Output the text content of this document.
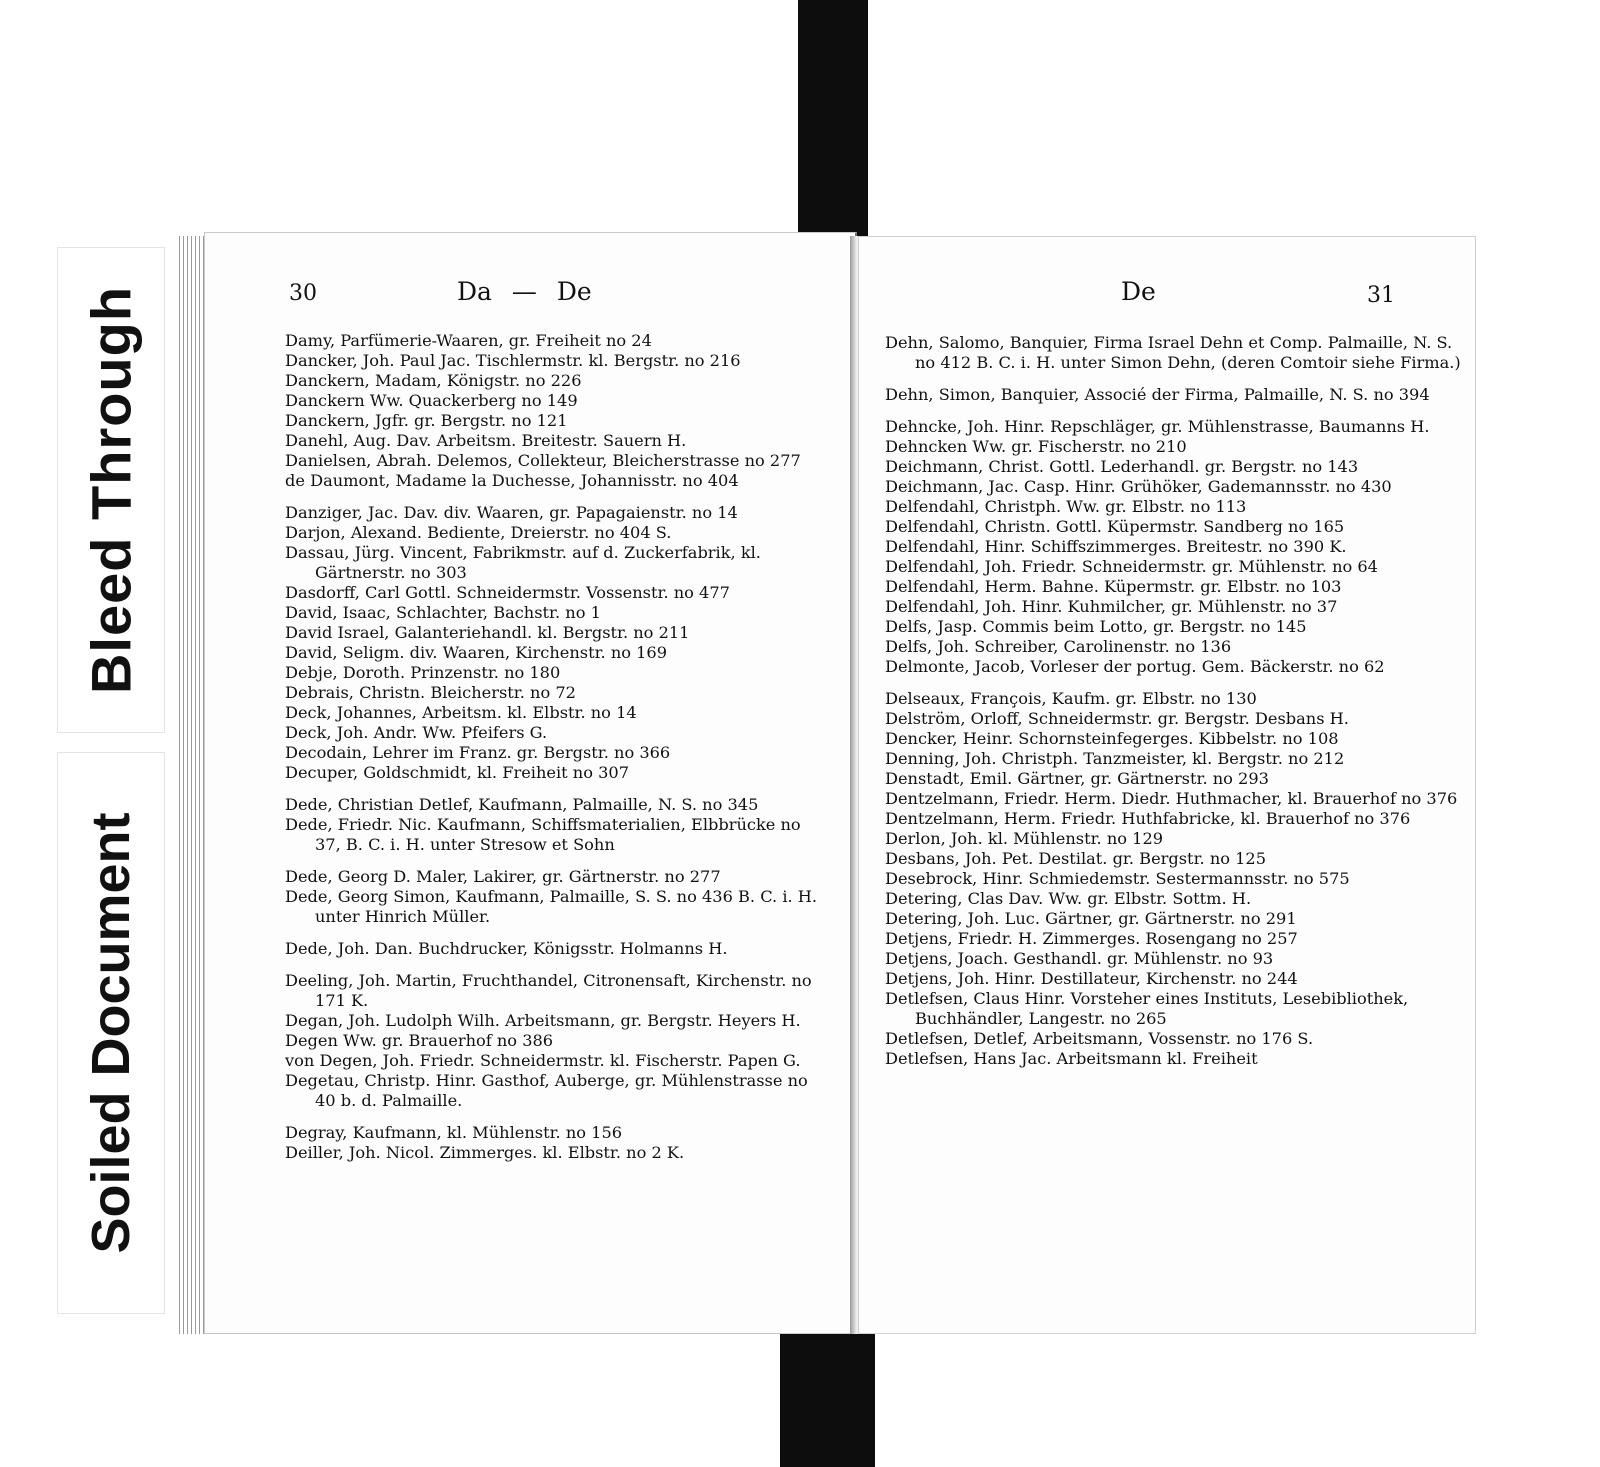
Bleed Through
Soiled Document
30	Da — De
Damy, Parfümerie-Waaren, gr. Freiheit no 24
Dancker, Joh. Paul Jac. Tischlermstr. kl. Bergstr. no 216
Danckern, Madam, Königstr. no 226
Danckern Ww. Quackerberg no 149
Danckern, Jgfr. gr. Bergstr. no 121
Danehl, Aug. Dav. Arbeitsm. Breitestr. Sauern H.
Danielsen, Abrah. Delemos, Collekteur, Bleicherstrasse no 277
de Daumont, Madame la Duchesse, Johannisstr. no 404
Danziger, Jac. Dav. div. Waaren, gr. Papagaienstr. no 14
Darjon, Alexand. Bediente, Dreierstr. no 404 S.
Dassau, Jürg. Vincent, Fabrikmstr. auf d. Zuckerfabrik, kl. Gärtnerstr. no 303
Dasdorff, Carl Gottl. Schneidermstr. Vossenstr. no 477
David, Isaac, Schlachter, Bachstr. no 1
David Israel, Galanteriehandl. kl. Bergstr. no 211
David, Seligm. div. Waaren, Kirchenstr. no 169
Debje, Doroth. Prinzenstr. no 180
Debrais, Christn. Bleicherstr. no 72
Deck, Johannes, Arbeitsm. kl. Elbstr. no 14
Deck, Joh. Andr. Ww. Pfeifers G.
Decodain, Lehrer im Franz. gr. Bergstr. no 366
Decuper, Goldschmidt, kl. Freiheit no 307
Dede, Christian Detlef, Kaufmann, Palmaille, N. S. no 345
Dede, Friedr. Nic. Kaufmann, Schiffsmaterialien, Elbbrücke no 37, B. C. i. H. unter Stresow et Sohn
Dede, Georg D. Maler, Lakirer, gr. Gärtnerstr. no 277
Dede, Georg Simon, Kaufmann, Palmaille, S. S. no 436 B. C. i. H. unter Hinrich Müller.
Dede, Joh. Dan. Buchdrucker, Königsstr. Holmanns H.
Deeling, Joh. Martin, Fruchthandel, Citronensaft, Kirchenstr. no 171 K.
Degan, Joh. Ludolph Wilh. Arbeitsmann, gr. Bergstr. Heyers H.
Degen Ww. gr. Brauerhof no 386
von Degen, Joh. Friedr. Schneidermstr. kl. Fischerstr. Papen G.
Degetau, Christp. Hinr. Gasthof, Auberge, gr. Mühlenstrasse no 40 b. d. Palmaille.
Degray, Kaufmann, kl. Mühlenstr. no 156
Deiller, Joh. Nicol. Zimmerges. kl. Elbstr. no 2 K.
De	31
Dehn, Salomo, Banquier, Firma Israel Dehn et Comp. Palmaille, N. S. no 412 B. C. i. H. unter Simon Dehn, (deren Comtoir siehe Firma.)
Dehn, Simon, Banquier, Associé der Firma, Palmaille, N. S. no 394
Dehncke, Joh. Hinr. Repschläger, gr. Mühlenstrasse, Baumanns H.
Dehncken Ww. gr. Fischerstr. no 210
Deichmann, Christ. Gottl. Lederhandl. gr. Bergstr. no 143
Deichmann, Jac. Casp. Hinr. Grühöker, Gademannsstr. no 430
Delfendahl, Christph. Ww. gr. Elbstr. no 113
Delfendahl, Christn. Gottl. Küpermstr. Sandberg no 165
Delfendahl, Hinr. Schiffszimmerges. Breitestr. no 390 K.
Delfendahl, Joh. Friedr. Schneidermstr. gr. Mühlenstr. no 64
Delfendahl, Herm. Bahne. Küpermstr. gr. Elbstr. no 103
Delfendahl, Joh. Hinr. Kuhmilcher, gr. Mühlenstr. no 37
Delfs, Jasp. Commis beim Lotto, gr. Bergstr. no 145
Delfs, Joh. Schreiber, Carolinenstr. no 136
Delmonte, Jacob, Vorleser der portug. Gem. Bäckerstr. no 62
Delseaux, François, Kaufm. gr. Elbstr. no 130
Delström, Orloff, Schneidermstr. gr. Bergstr. Desbans H.
Dencker, Heinr. Schornsteinfegerges. Kibbelstr. no 108
Denning, Joh. Christph. Tanzmeister, kl. Bergstr. no 212
Denstadt, Emil. Gärtner, gr. Gärtnerstr. no 293
Dentzelmann, Friedr. Herm. Diedr. Huthmacher, kl. Brauerhof no 376
Dentzelmann, Herm. Friedr. Huthfabricke, kl. Brauerhof no 376
Derlon, Joh. kl. Mühlenstr. no 129
Desbans, Joh. Pet. Destilat. gr. Bergstr. no 125
Desebrock, Hinr. Schmiedemstr. Sestermannsstr. no 575
Detering, Clas Dav. Ww. gr. Elbstr. Sottm. H.
Detering, Joh. Luc. Gärtner, gr. Gärtnerstr. no 291
Detjens, Friedr. H. Zimmerges. Rosengang no 257
Detjens, Joach. Gesthandl. gr. Mühlenstr. no 93
Detjens, Joh. Hinr. Destillateur, Kirchenstr. no 244
Detlefsen, Claus Hinr. Vorsteher eines Instituts, Lesebibliothek, Buchhändler, Langestr. no 265
Detlefsen, Detlef, Arbeitsmann, Vossenstr. no 176 S.
Detlefsen, Hans Jac. Arbeitsmann kl. Freiheit
